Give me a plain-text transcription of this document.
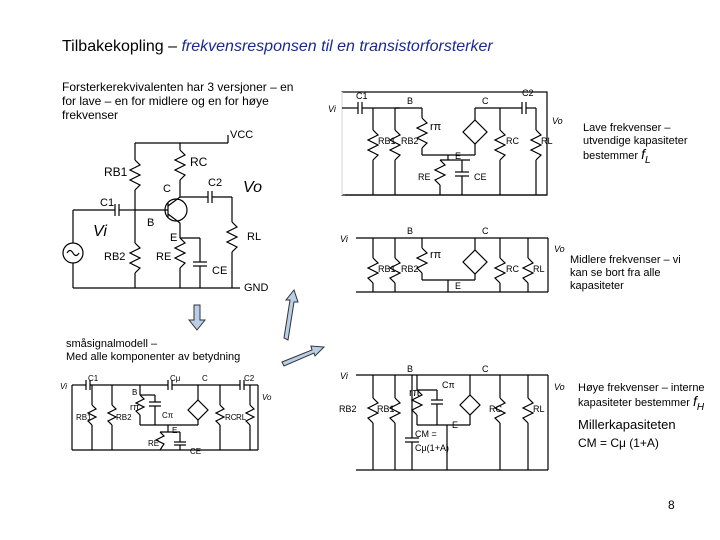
Tilbakekopling – frekvensresponsen til en transistorforsterker
Forsterkerekvivalenten har 3 versjoner – en for lave – en for midlere og en for høye frekvenser
småsignalmodell –
Med alle komponenter av betydning
Lave frekvenser – utvendige kapasiteter bestemmer $f_L$
Midlere frekvenser – vi kan se bort fra alle kapasiteter
Høye frekvenser – interne kapasiteter bestemmer $f_H$
Millerkapasiteten
CM = Cμ (1+A)
8
VCC
RB1
RC
C2
C	Vo
C1
B
Vi	E
RB2
RL
RE
CE
GND
Vi
C1	B	C
C2
Vo
RB1 RB2
rπ
RC RL
E
RE	CE
Vi
B	C
Vo
RB1 RB2
rπ
RC RL
E
Vi
C1
B
Cμ	C	C2
Vo
rπ
Cπ
RB1	RB2	RC RL
E
RE
CE
Vi
B	C
Vo
RB2 RB1
rπ
Cπ
CM =
Cμ(1+A)
E
RC	RL
